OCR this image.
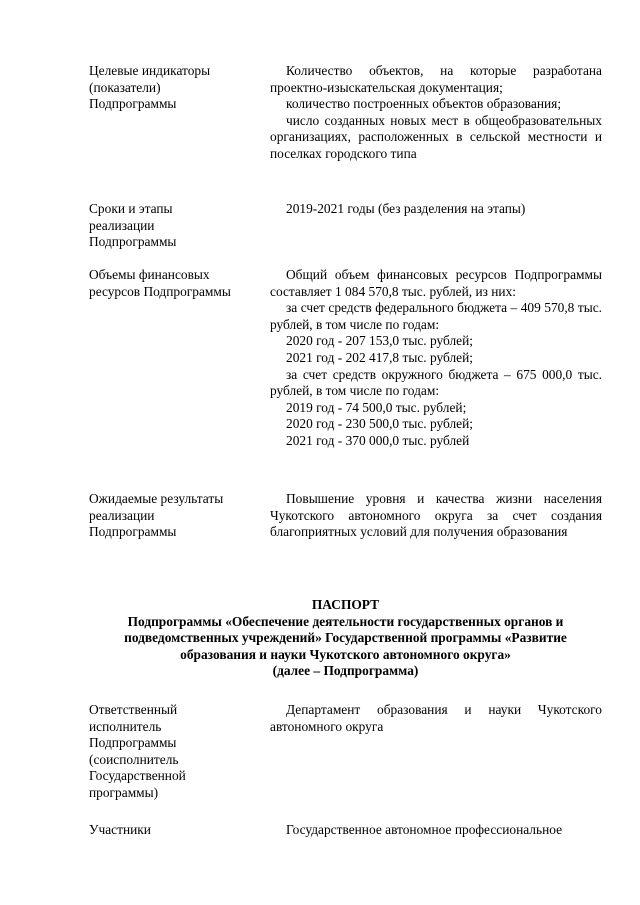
Целевые индикаторы

(показатели)

Подпрограммы

Количество объектов, на которые разработана проектно-изыскательская документация;

количество построенных объектов образования;

число созданных новых мест в общеобразовательных организациях, расположенных в сельской местности и поселках городского типа

Сроки и этапы

реализации

Подпрограммы

2019-2021 годы (без разделения на этапы)

Объемы финансовых

ресурсов Подпрограммы

Общий объем финансовых ресурсов Подпрограммы составляет 1 084 570,8 тыс. рублей, из них:

за счет средств федерального бюджета – 409 570,8 тыс. рублей, в том числе по годам:

2020 год - 207 153,0 тыс. рублей;

2021 год - 202 417,8 тыс. рублей;

за счет средств окружного бюджета – 675 000,0 тыс. рублей, в том числе по годам:

2019 год - 74 500,0 тыс. рублей;

2020 год - 230 500,0 тыс. рублей;

2021 год - 370 000,0 тыс. рублей

Ожидаемые результаты

реализации

Подпрограммы

Повышение уровня и качества жизни населения Чукотского автономного округа за счет создания благоприятных условий для получения образования

ПАСПОРТ
Подпрограммы «Обеспечение деятельности государственных органов и
подведомственных учреждений» Государственной программы «Развитие
образования и науки Чукотского автономного округа»
(далее – Подпрограмма)

Ответственный

исполнитель

Подпрограммы

(соисполнитель

Государственной

программы)

Департамент образования и науки Чукотского автономного округа

Участники	Государственное автономное профессиональное
